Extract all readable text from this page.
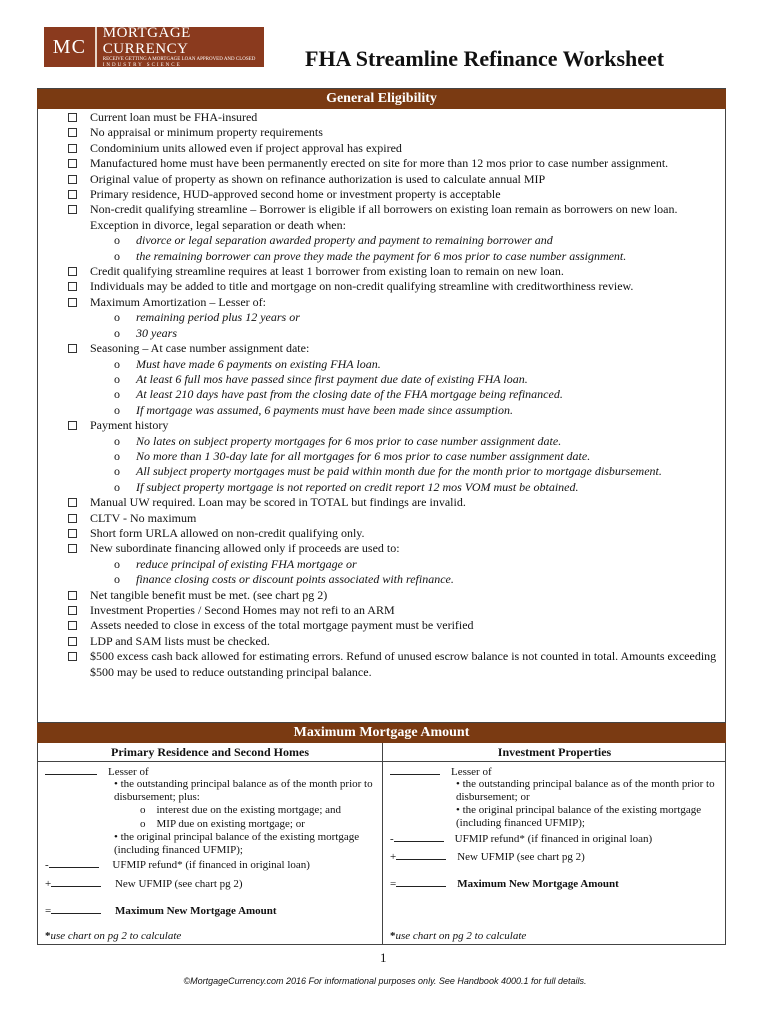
MC
MORTGAGE CURRENCY
RECEIVE GETTING A MORTGAGE LOAN APPROVED AND CLOSED
INDUSTRY SCIENCE	FHA Streamline Refinance Worksheet
General Eligibility
Current loan must be FHA-insured
No appraisal or minimum property requirements
Condominium units allowed even if project approval has expired
Manufactured home must have been permanently erected on site for more than 12 mos prior to case number assignment.
Original value of property as shown on refinance authorization is used to calculate annual MIP
Primary residence, HUD-approved second home or investment property is acceptable
Non-credit qualifying streamline – Borrower is eligible if all borrowers on existing loan remain as borrowers on new loan. Exception in divorce, legal separation or death when:
o divorce or legal separation awarded property and payment to remaining borrower and
o the remaining borrower can prove they made the payment for 6 mos prior to case number assignment.
Credit qualifying streamline requires at least 1 borrower from existing loan to remain on new loan.
Individuals may be added to title and mortgage on non-credit qualifying streamline with creditworthiness review.
Maximum Amortization – Lesser of:
o remaining period plus 12 years or
o 30 years
Seasoning – At case number assignment date:
o Must have made 6 payments on existing FHA loan.
o At least 6 full mos have passed since first payment due date of existing FHA loan.
o At least 210 days have past from the closing date of the FHA mortgage being refinanced.
o If mortgage was assumed, 6 payments must have been made since assumption.
Payment history
o No lates on subject property mortgages for 6 mos prior to case number assignment date.
o No more than 1 30-day late for all mortgages for 6 mos prior to case number assignment date.
o All subject property mortgages must be paid within month due for the month prior to mortgage disbursement.
o If subject property mortgage is not reported on credit report 12 mos VOM must be obtained.
Manual UW required. Loan may be scored in TOTAL but findings are invalid.
CLTV - No maximum
Short form URLA allowed on non-credit qualifying only.
New subordinate financing allowed only if proceeds are used to:
o reduce principal of existing FHA mortgage or
o finance closing costs or discount points associated with refinance.
Net tangible benefit must be met. (see chart pg 2)
Investment Properties / Second Homes may not refi to an ARM
Assets needed to close in excess of the total mortgage payment must be verified
LDP and SAM lists must be checked.
$500 excess cash back allowed for estimating errors. Refund of unused escrow balance is not counted in total. Amounts exceeding $500 may be used to reduce outstanding principal balance.
Maximum Mortgage Amount
Primary Residence and Second Homes	Investment Properties
Lesser of
• the outstanding principal balance as of the month prior to disbursement; plus:
o interest due on the existing mortgage; and
o MIP due on existing mortgage; or
• the original principal balance of the existing mortgage (including financed UFMIP);
-	UFMIP refund* (if financed in original loan)
+	New UFMIP (see chart pg 2)
=	Maximum New Mortgage Amount
*use chart on pg 2 to calculate
Lesser of
• the outstanding principal balance as of the month prior to disbursement; or
• the original principal balance of the existing mortgage (including financed UFMIP);
-	UFMIP refund* (if financed in original loan)
+	New UFMIP (see chart pg 2)
=	Maximum New Mortgage Amount
*use chart on pg 2 to calculate
1
©MortgageCurrency.com 2016 For informational purposes only. See Handbook 4000.1 for full details.
